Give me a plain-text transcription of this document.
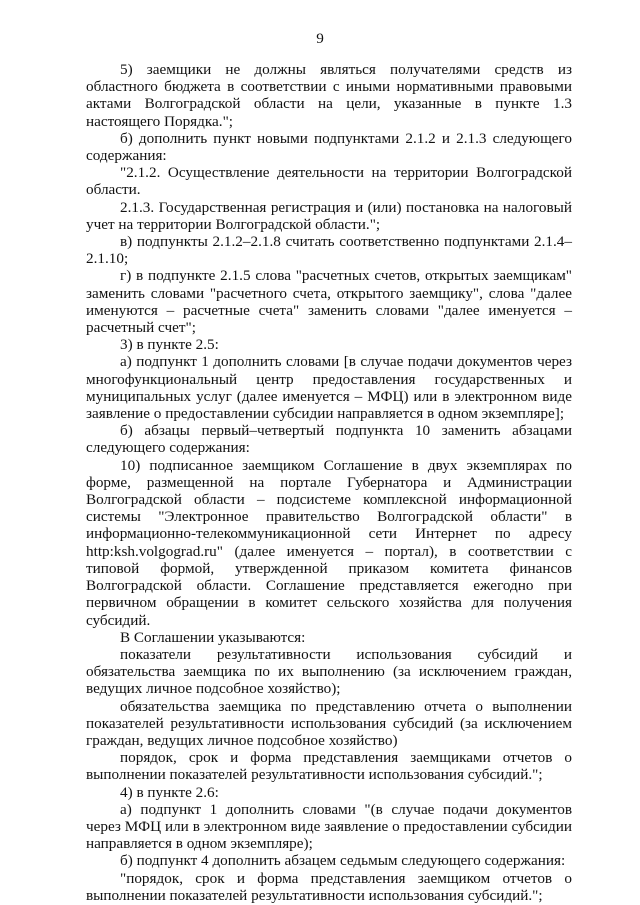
9

5) заемщики не должны являться получателями средств из областного бюджета в соответствии с иными нормативными правовыми актами Волгоградской области на цели, указанные в пункте 1.3 настоящего Порядка.";

б) дополнить пункт новыми подпунктами 2.1.2 и 2.1.3 следующего содержания:

"2.1.2. Осуществление деятельности на территории Волгоградской области.

2.1.3. Государственная регистрация и (или) постановка на налоговый учет на территории Волгоградской области.";

в) подпункты 2.1.2–2.1.8 считать соответственно подпунктами 2.1.4–2.1.10;

г) в подпункте 2.1.5 слова "расчетных счетов, открытых заемщикам" заменить словами "расчетного счета, открытого заемщику", слова "далее именуются – расчетные счета" заменить словами "далее именуется – расчетный счет";

3) в пункте 2.5:

а) подпункт 1 дополнить словами [в случае подачи документов через многофункциональный центр предоставления государственных и муниципальных услуг (далее именуется – МФЦ) или в электронном виде заявление о предоставлении субсидии направляется в одном экземпляре];

б) абзацы первый–четвертый подпункта 10 заменить абзацами следующего содержания:

10) подписанное заемщиком Соглашение в двух экземплярах по форме, размещенной на портале Губернатора и Администрации Волгоградской области – подсистеме комплексной информационной системы "Электронное правительство Волгоградской области" в информационно-телекоммуникационной сети Интернет по адресу http:ksh.volgograd.ru" (далее именуется – портал), в соответствии с типовой формой, утвержденной приказом комитета финансов Волгоградской области. Соглашение представляется ежегодно при первичном обращении в комитет сельского хозяйства для получения субсидий.

В Соглашении указываются:

показатели результативности использования субсидий и обязательства заемщика по их выполнению (за исключением граждан, ведущих личное подсобное хозяйство);

обязательства заемщика по представлению отчета о выполнении показателей результативности использования субсидий (за исключением граждан, ведущих личное подсобное хозяйство)

порядок, срок и форма представления заемщиками отчетов о выполнении показателей результативности использования субсидий.";

4) в пункте 2.6:

а) подпункт 1 дополнить словами "(в случае подачи документов через МФЦ или в электронном виде заявление о предоставлении субсидии направляется в одном экземпляре);

б) подпункт 4 дополнить абзацем седьмым следующего содержания:

"порядок, срок и форма представления заемщиком отчетов о выполнении показателей результативности использования субсидий.";
